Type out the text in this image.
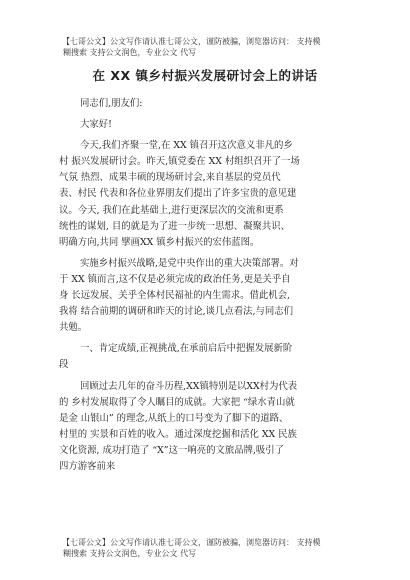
【七哥公文】公文写作请认准七哥公文，谨防被骗，浏览器访问： 支持模
糊搜索 支持公文润色，专业公文 代写
在 XX 镇乡村振兴发展研讨会上的讲话

同志们,朋友们:

大家好!

今天,我们齐聚一堂,在 XX 镇召开这次意义非凡的乡

村 振兴发展研讨会。昨天,镇党委在 XX 村组织召开了一场

气氛 热烈、成果丰硕的现场研讨会,来自基层的党员代

表、村民 代表和各位业界朋友们提出了许多宝贵的意见建

议。今天, 我们在此基础上,进行更深层次的交流和更系

统性的谋划, 目的就是为了进一步统一思想、凝聚共识、

明确方向,共同 擘画XX 镇乡村振兴的宏伟蓝图。

实施乡村振兴战略,是党中央作出的重大决策部署。对

于 XX 镇而言,这不仅是必须完成的政治任务,更是关乎自

身 长远发展、关乎全体村民福祉的内生需求。借此机会,

我将 结合前期的调研和昨天的讨论,谈几点看法,与同志们

共勉。

一、肯定成绩,正视挑战,在承前启后中把握发展新阶

段

回顾过去几年的奋斗历程,XX镇特别是以XX村为代表

的 乡村发展取得了令人瞩目的成就。大家把 “绿水青山就

是金 山银山” 的理念,从纸上的口号变为了脚下的道路、

村里的 实景和百姓的收入。通过深度挖掘和活化 XX 民族

文化资源, 成功打造了 “X”这一响亮的文旅品牌,吸引了

四方游客前来

【七哥公文】公文写作请认准七哥公文，谨防被骗，浏览器访问： 支持模
糊搜索 支持公文润色，专业公文 代写
